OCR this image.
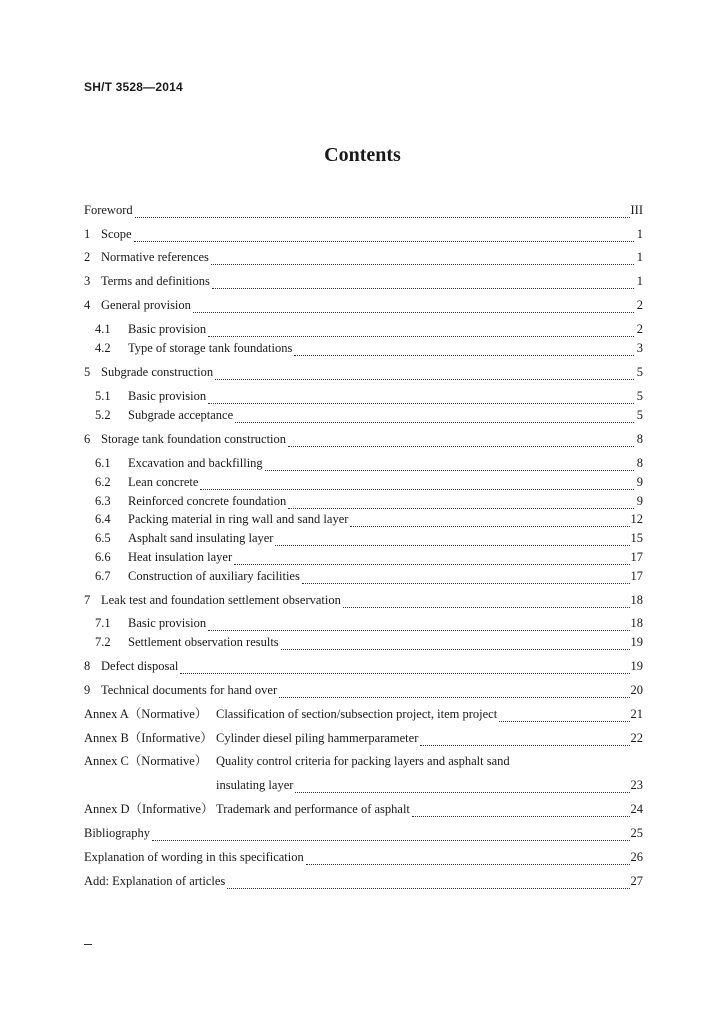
SH/T 3528—2014
Contents
Foreword	III
1 Scope	1
2 Normative references	1
3 Terms and definitions	1
4 General provision	2
4.1	Basic provision	2
4.2	Type of storage tank foundations	3
5 Subgrade construction	5
5.1	Basic provision	5
5.2	Subgrade acceptance	5
6 Storage tank foundation construction	8
6.1	Excavation and backfilling	8
6.2	Lean concrete	9
6.3	Reinforced concrete foundation	9
6.4	Packing material in ring wall and sand layer	12
6.5	Asphalt sand insulating layer	15
6.6	Heat insulation layer	17
6.7	Construction of auxiliary facilities	17
7 Leak test and foundation settlement observation	18
7.1	Basic provision	18
7.2	Settlement observation results	19
8 Defect disposal	19
9 Technical documents for hand over	20
Annex A（Normative） Classification of section/subsection project, item project	21
Annex B（Informative） Cylinder diesel piling hammerparameter	22
Annex C（Normative） Quality control criteria for packing layers and asphalt sand
insulating layer	23
Annex D（Informative） Trademark and performance of asphalt	24
Bibliography	25
Explanation of wording in this specification	26
Add: Explanation of articles	27
